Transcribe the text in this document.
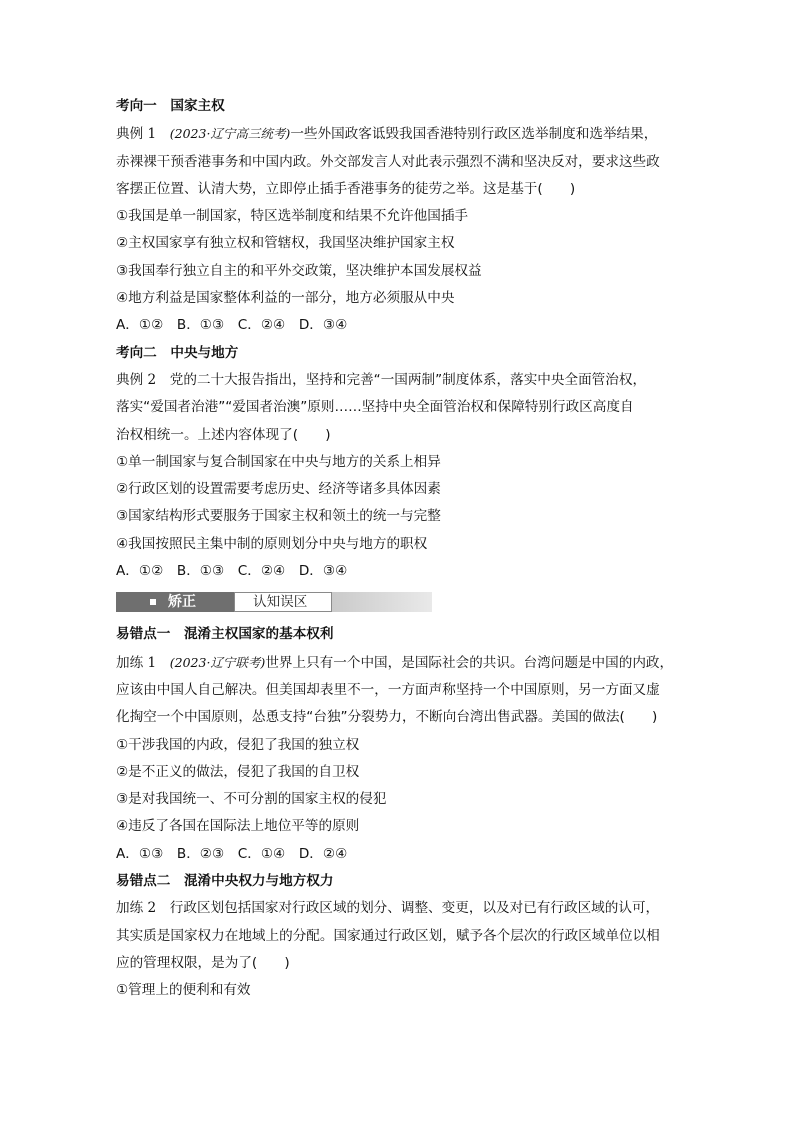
考向一　国家主权
典例 1　 (2023·辽宁高三统考)一些外国政客诋毁我国香港特别行政区选举制度和选举结果，
赤裸裸干预香港事务和中国内政。外交部发言人对此表示强烈不满和坚决反对，要求这些政
客摆正位置、认清大势，立即停止插手香港事务的徒劳之举。这是基于(　　)
①我国是单一制国家，特区选举制度和结果不允许他国插手
②主权国家享有独立权和管辖权，我国坚决维护国家主权
③我国奉行独立自主的和平外交政策，坚决维护本国发展权益
④地方利益是国家整体利益的一部分，地方必须服从中央
A．①②　 B．①③　 C．②④　 D．③④
考向二　中央与地方
典例 2　 党的二十大报告指出，坚持和完善“一国两制”制度体系，落实中央全面管治权，
落实“爱国者治港”“爱国者治澳”原则……坚持中央全面管治权和保障特别行政区高度自
治权相统一。上述内容体现了(　　)
①单一制国家与复合制国家在中央与地方的关系上相异
②行政区划的设置需要考虑历史、经济等诸多具体因素
③国家结构形式要服务于国家主权和领土的统一与完整
④我国按照民主集中制的原则划分中央与地方的职权
A．①②　 B．①③　 C．②④　 D．③④
矫正	认知误区
易错点一　混淆主权国家的基本权利
加练 1　 (2023·辽宁联考)世界上只有一个中国，是国际社会的共识。台湾问题是中国的内政，
应该由中国人自己解决。但美国却表里不一，一方面声称坚持一个中国原则，另一方面又虚
化掏空一个中国原则，怂恿支持“台独”分裂势力，不断向台湾出售武器。美国的做法(　　)
①干涉我国的内政，侵犯了我国的独立权
②是不正义的做法，侵犯了我国的自卫权
③是对我国统一、不可分割的国家主权的侵犯
④违反了各国在国际法上地位平等的原则
A．①③　 B．②③　 C．①④　 D．②④
易错点二　混淆中央权力与地方权力
加练 2　 行政区划包括国家对行政区域的划分、调整、变更，以及对已有行政区域的认可，
其实质是国家权力在地域上的分配。国家通过行政区划，赋予各个层次的行政区域单位以相
应的管理权限，是为了(　　)
①管理上的便利和有效
